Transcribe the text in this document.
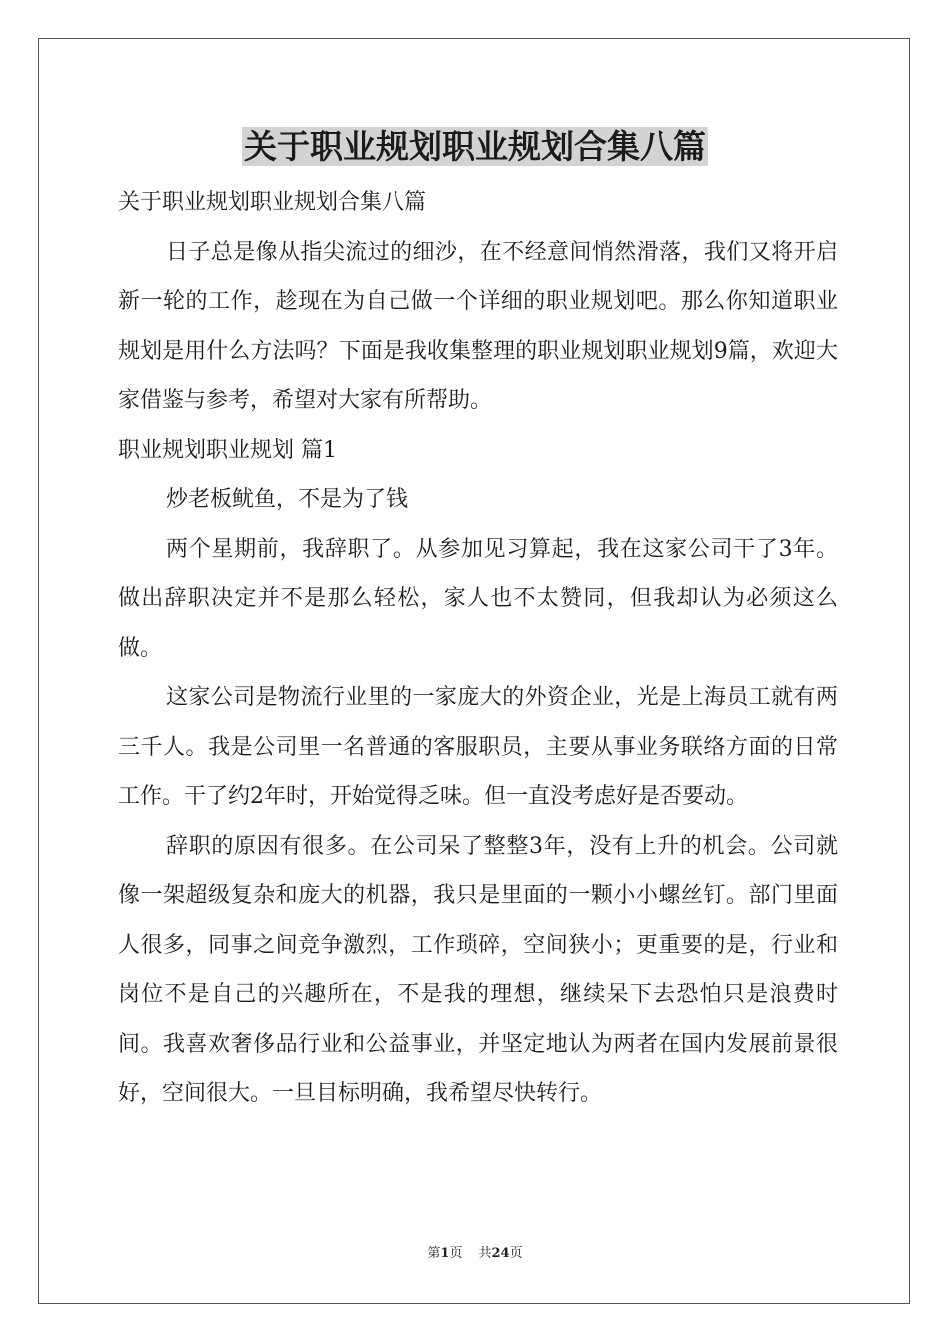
关于职业规划职业规划合集八篇

关于职业规划职业规划合集八篇

日子总是像从指尖流过的细沙，在不经意间悄然滑落，我们又将开启新一轮的工作，趁现在为自己做一个详细的职业规划吧。那么你知道职业规划是用什么方法吗？下面是我收集整理的职业规划职业规划9篇，欢迎大家借鉴与参考，希望对大家有所帮助。

职业规划职业规划 篇1

炒老板鱿鱼，不是为了钱

两个星期前，我辞职了。从参加见习算起，我在这家公司干了3年。做出辞职决定并不是那么轻松，家人也不太赞同，但我却认为必须这么做。

这家公司是物流行业里的一家庞大的外资企业，光是上海员工就有两三千人。我是公司里一名普通的客服职员，主要从事业务联络方面的日常工作。干了约2年时，开始觉得乏味。但一直没考虑好是否要动。

辞职的原因有很多。在公司呆了整整3年，没有上升的机会。公司就像一架超级复杂和庞大的机器，我只是里面的一颗小小螺丝钉。部门里面人很多，同事之间竞争激烈，工作琐碎，空间狭小；更重要的是，行业和岗位不是自己的兴趣所在，不是我的理想，继续呆下去恐怕只是浪费时间。我喜欢奢侈品行业和公益事业，并坚定地认为两者在国内发展前景很好，空间很大。一旦目标明确，我希望尽快转行。

第1页 共24页
